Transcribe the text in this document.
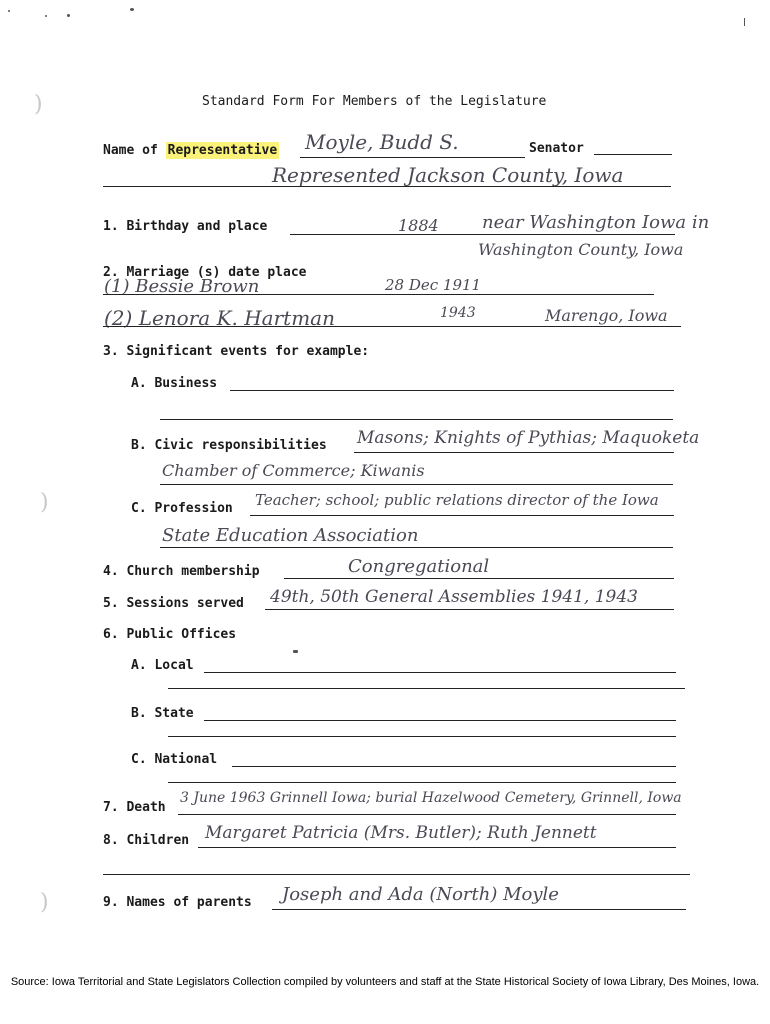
)
)
)
Standard Form For Members of the Legislature
Name of Representative Moyle, Budd S.	Senator
Represented Jackson County, Iowa
1. Birthday and place	1884 near Washington Iowa in
Washington County, Iowa
2. Marriage (s) date place
(1) Bessie Brown	28 Dec 1911
(2) Lenora K. Hartman	1943	Marengo, Iowa
3. Significant events for example:
A. Business
B. Civic responsibilities Masons; Knights of Pythias; Maquoketa
Chamber of Commerce; Kiwanis
C. Profession Teacher; school; public relations director of the Iowa
State Education Association
4. Church membership	Congregational
5. Sessions served 49th, 50th General Assemblies 1941, 1943
6. Public Offices
A. Local
B. State
C. National
7. Death
3 June 1963 Grinnell Iowa; burial Hazelwood Cemetery, Grinnell, Iowa
8. Children Margaret Patricia (Mrs. Butler); Ruth Jennett
9. Names of parents Joseph and Ada (North) Moyle
Source: Iowa Territorial and State Legislators Collection compiled by volunteers and staff at the State Historical Society of Iowa Library, Des Moines, Iowa.
